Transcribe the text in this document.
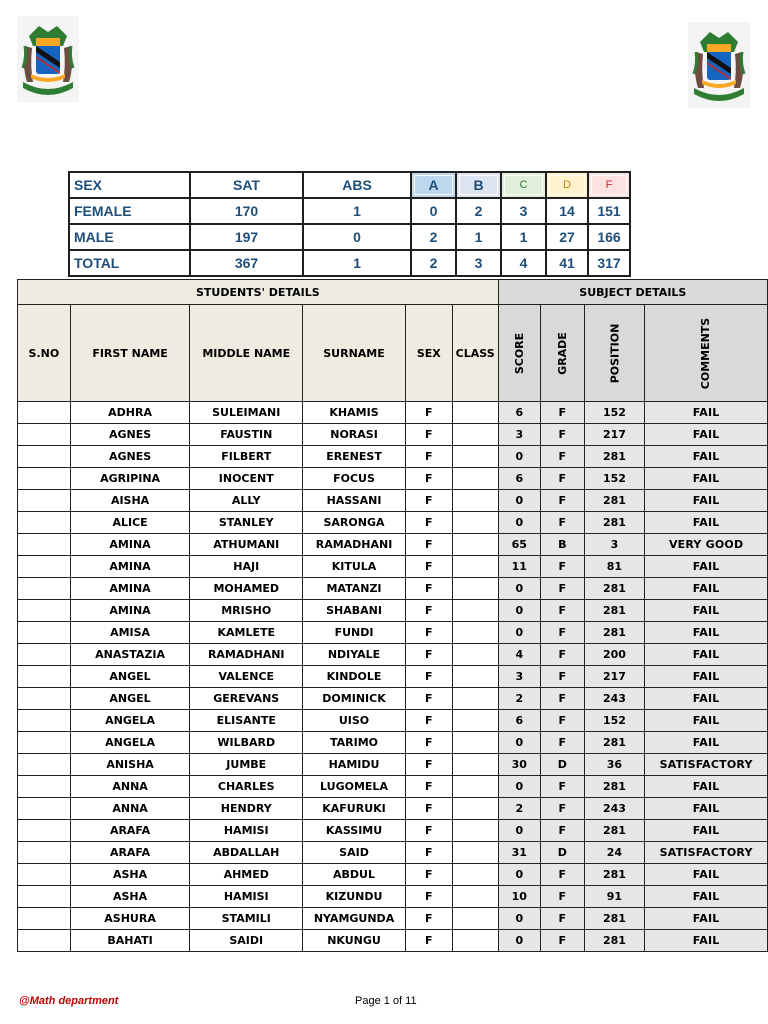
SEX	SAT	ABS	A	B	C	D	F
FEMALE	170	1	0	2	3	14	151
MALE	197	0	2	1	1	27	166
TOTAL	367	1	2	3	4	41	317
STUDENTS' DETAILS						SUBJECT DETAILS			
S.NO	FIRST NAME	MIDDLE NAME	SURNAME	SEX	CLASS	SCORE	GRADE	POSITION	COMMENTS
	ADHRA	SULEIMANI	KHAMIS	F		6	F	152	FAIL
	AGNES	FAUSTIN	NORASI	F		3	F	217	FAIL
	AGNES	FILBERT	ERENEST	F		0	F	281	FAIL
	AGRIPINA	INOCENT	FOCUS	F		6	F	152	FAIL
	AISHA	ALLY	HASSANI	F		0	F	281	FAIL
	ALICE	STANLEY	SARONGA	F		0	F	281	FAIL
	AMINA	ATHUMANI	RAMADHANI	F		65	B	3	VERY GOOD
	AMINA	HAJI	KITULA	F		11	F	81	FAIL
	AMINA	MOHAMED	MATANZI	F		0	F	281	FAIL
	AMINA	MRISHO	SHABANI	F		0	F	281	FAIL
	AMISA	KAMLETE	FUNDI	F		0	F	281	FAIL
	ANASTAZIA	RAMADHANI	NDIYALE	F		4	F	200	FAIL
	ANGEL	VALENCE	KINDOLE	F		3	F	217	FAIL
	ANGEL	GEREVANS	DOMINICK	F		2	F	243	FAIL
	ANGELA	ELISANTE	UISO	F		6	F	152	FAIL
	ANGELA	WILBARD	TARIMO	F		0	F	281	FAIL
	ANISHA	JUMBE	HAMIDU	F		30	D	36	SATISFACTORY
	ANNA	CHARLES	LUGOMELA	F		0	F	281	FAIL
	ANNA	HENDRY	KAFURUKI	F		2	F	243	FAIL
	ARAFA	HAMISI	KASSIMU	F		0	F	281	FAIL
	ARAFA	ABDALLAH	SAID	F		31	D	24	SATISFACTORY
	ASHA	AHMED	ABDUL	F		0	F	281	FAIL
	ASHA	HAMISI	KIZUNDU	F		10	F	91	FAIL
	ASHURA	STAMILI	NYAMGUNDA	F		0	F	281	FAIL
	BAHATI	SAIDI	NKUNGU	F		0	F	281	FAIL
@Math department	Page 1 of 11
